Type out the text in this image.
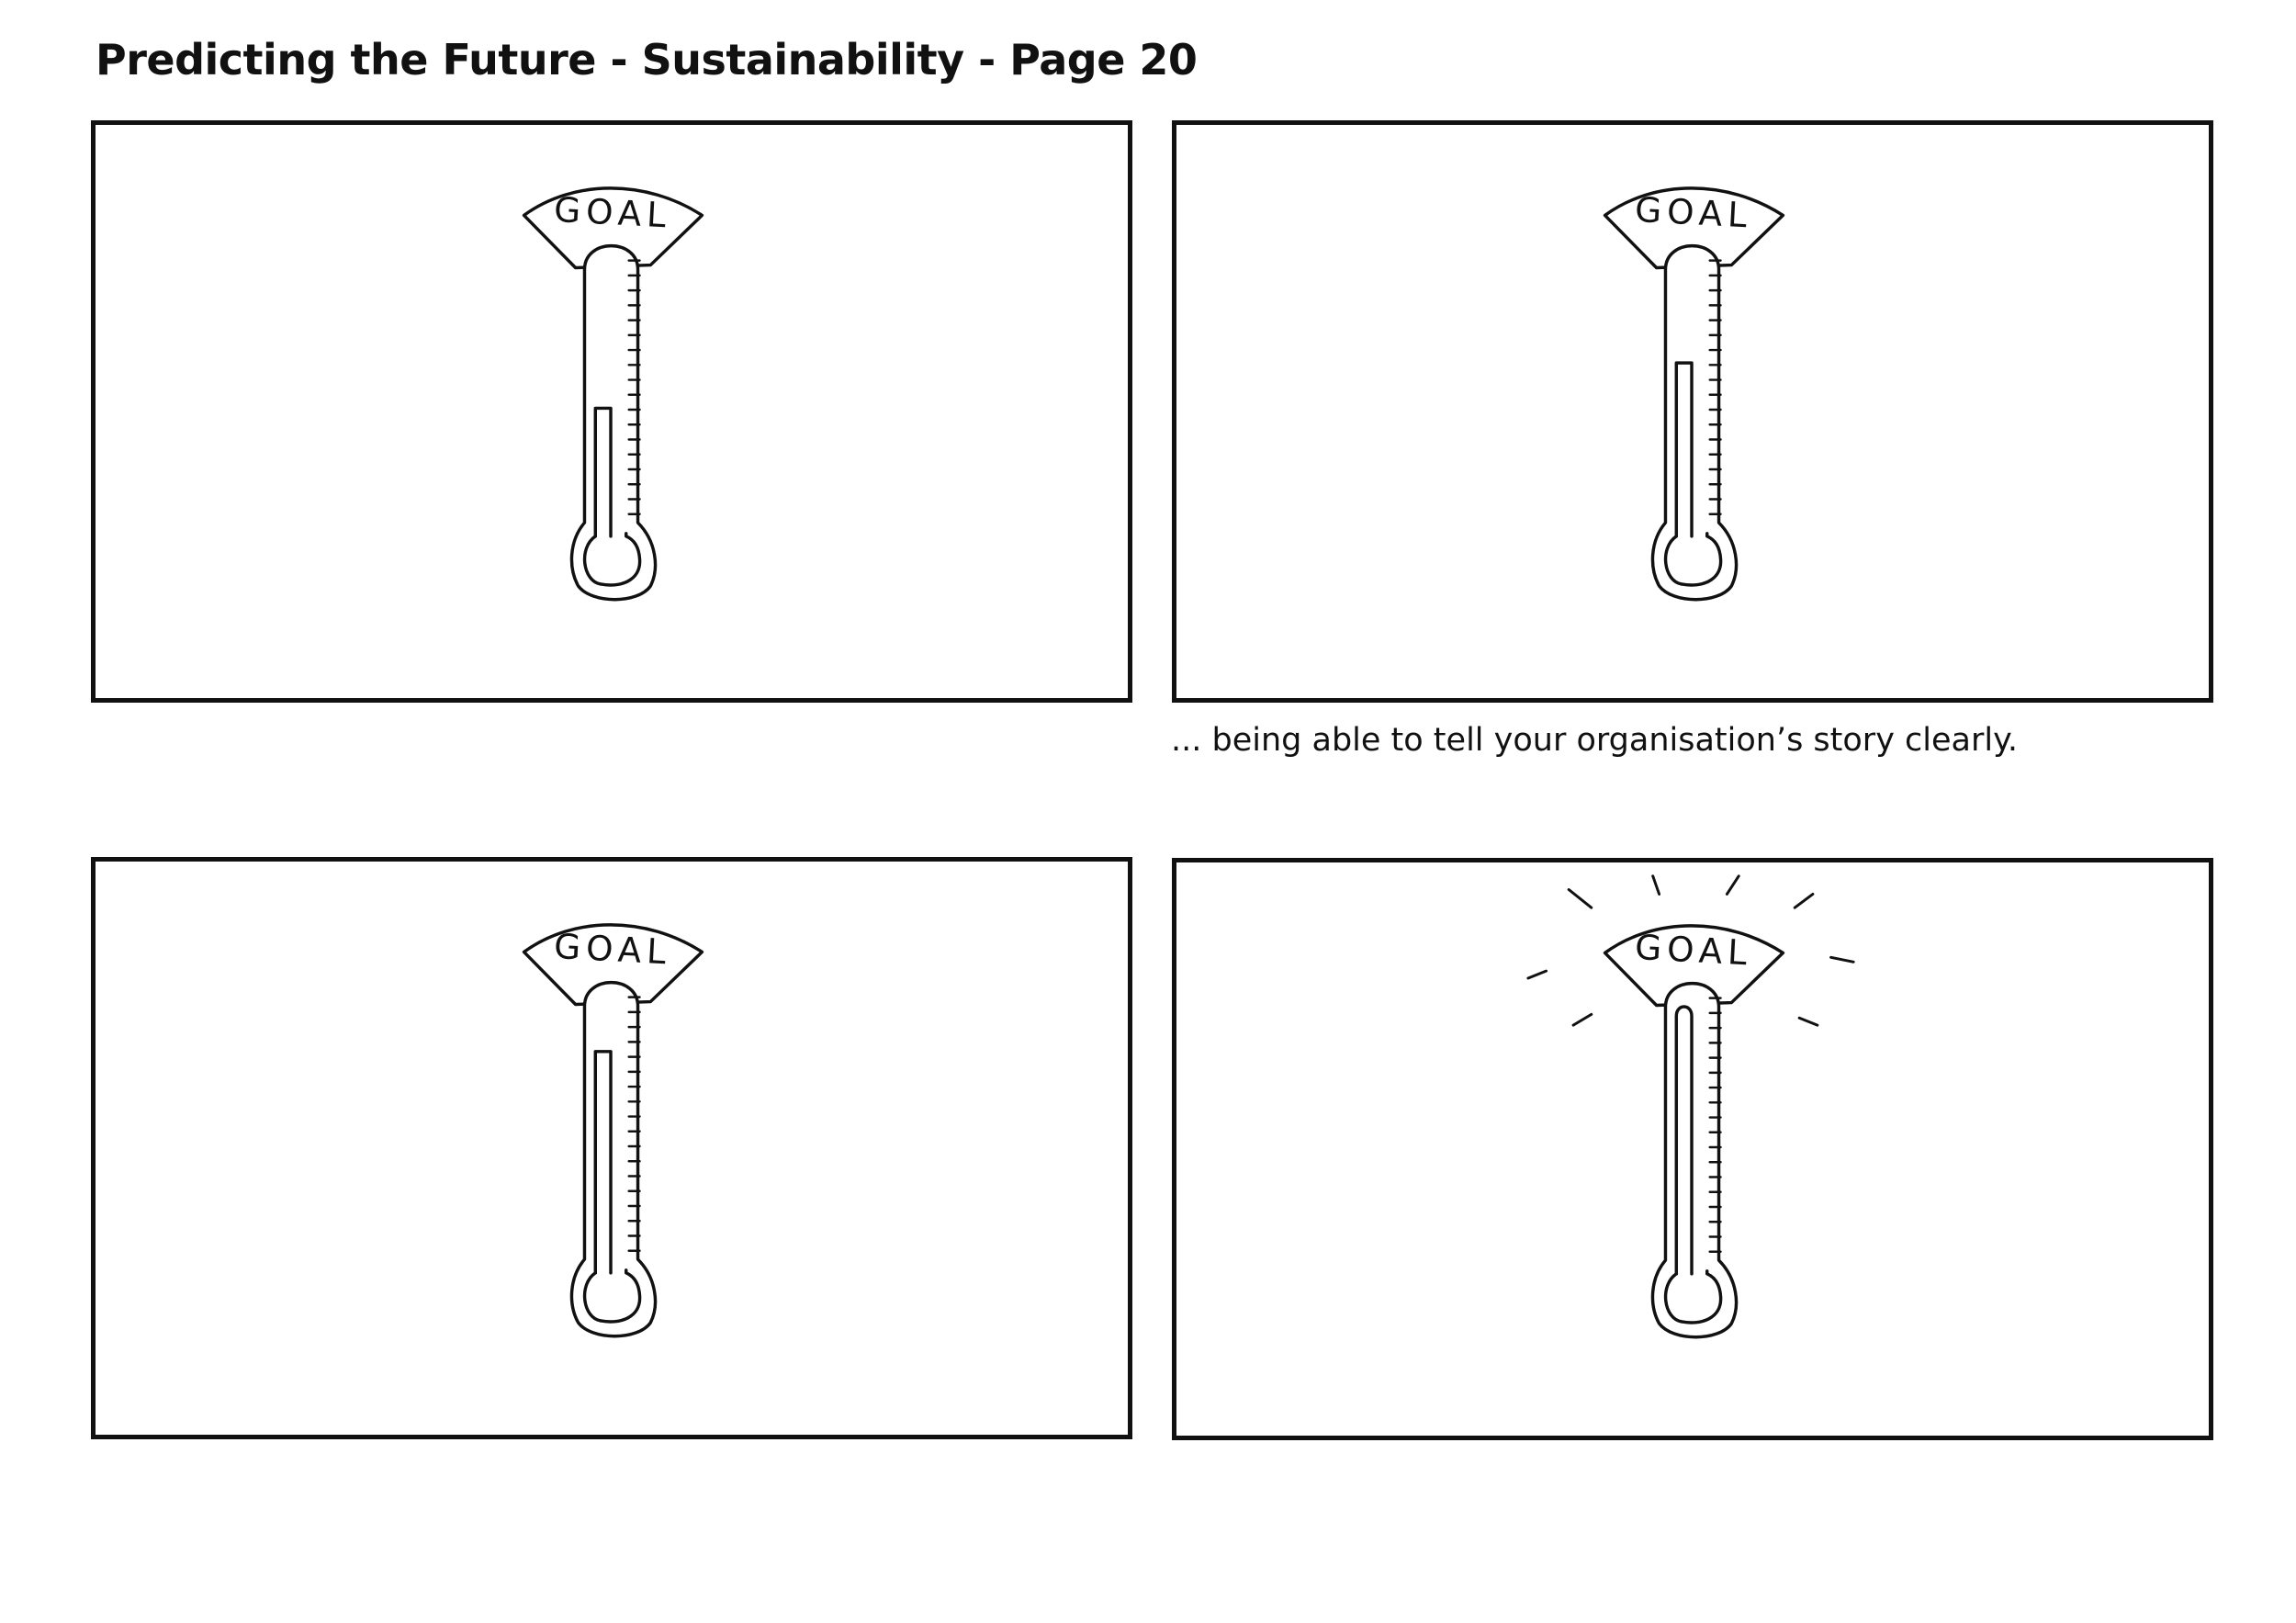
Predicting the Future - Sustainability - Page 20
GOAL	GOAL
... being able to tell your organisation’s story clearly.
GOAL	GOAL
